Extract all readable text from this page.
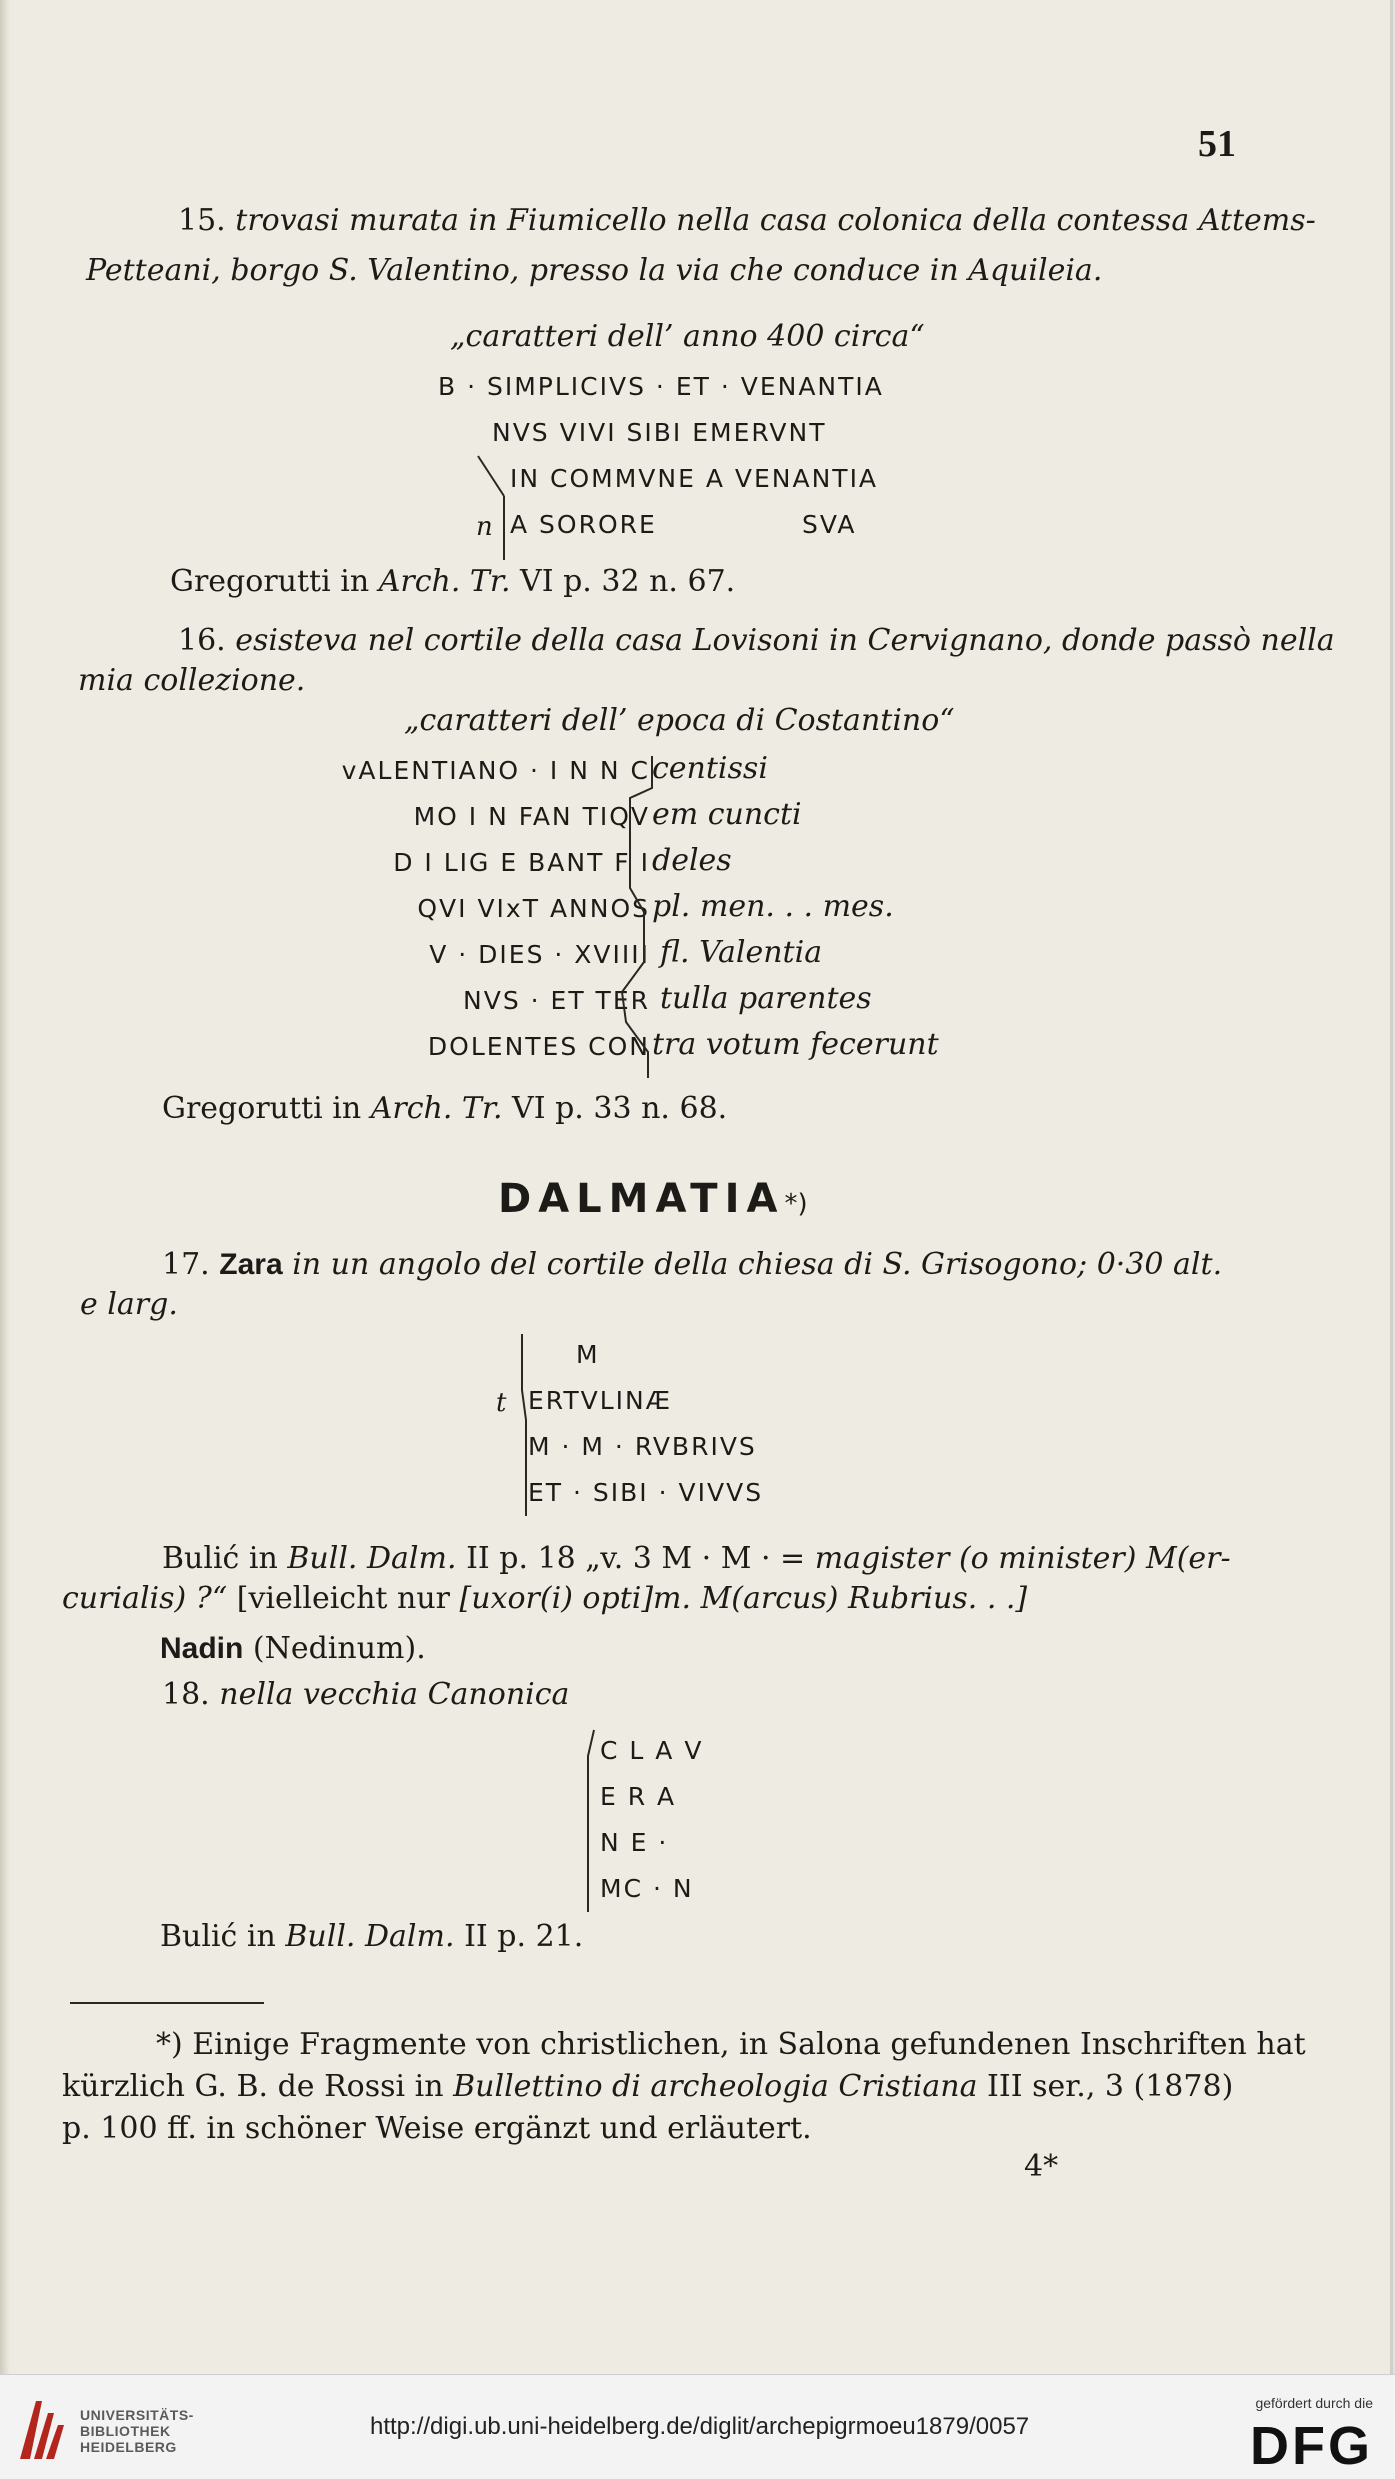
51
15. trovasi murata in Fiumicello nella casa colonica della contessa Attems-
Petteani, borgo S. Valentino, presso la via che conduce in Aquileia.
„caratteri dell’ anno 400 circa“
B · SIMPLICIVS · ET · VENANTIA
NVS VIVI SIBI EMERVNT
IN COMMVNE A VENANTIA
n A SORORE	SVA
Gregorutti in Arch. Tr. VI p. 32 n. 67.
16. esisteva nel cortile della casa Lovisoni in Cervignano, donde passò nella
mia collezione.
„caratteri dell’ epoca di Costantino“
vALENTIANO · I N N C centissi
MO I N FAN TIQV em cuncti
D I LIG E BANT F I deles
QVI VIxT ANNOS pl. men. . . mes.
V · DIES · XVIIII fl. Valentia
NVS · ET TER tulla parentes
DOLENTES CON tra votum fecerunt
Gregorutti in Arch. Tr. VI p. 33 n. 68.
DALMATIA*)
17. Zara in un angolo del cortile della chiesa di S. Grisogono; 0·30 alt.
e larg.
M
t ERTVLINÆ
M · M · RVBRIVS
ET · SIBI · VIVVS
Bulić in Bull. Dalm. II p. 18 „v. 3 M · M · = magister (o minister) M(er-
curialis) ?“ [vielleicht nur [uxor(i) opti]m. M(arcus) Rubrius. . .]
Nadin (Nedinum).
18. nella vecchia Canonica
C L A V
E R A
N E ·
MC · N
Bulić in Bull. Dalm. II p. 21.
*) Einige Fragmente von christlichen, in Salona gefundenen Inschriften hat
kürzlich G. B. de Rossi in Bullettino di archeologia Cristiana III ser., 3 (1878)
p. 100 ff. in schöner Weise ergänzt und erläutert.
4*
UNIVERSITÄTS-
BIBLIOTHEK
HEIDELBERG
http://digi.ub.uni-heidelberg.de/diglit/archepigrmoeu1879/0057
gefördert durch die
DFG
